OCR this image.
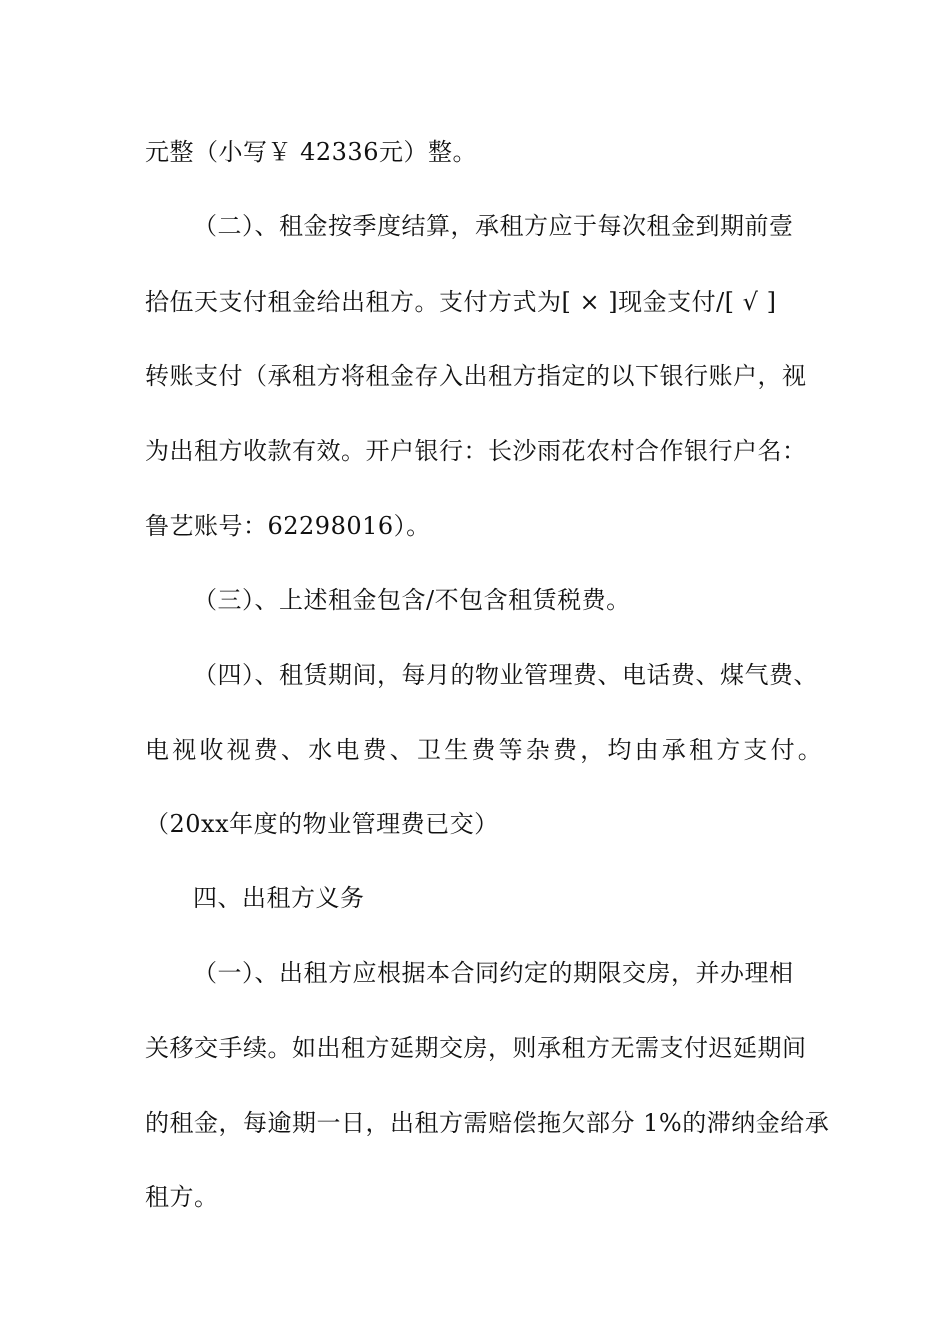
元整（小写￥ 42336元）整。
（二）、租金按季度结算，承租方应于每次租金到期前壹
拾伍天支付租金给出租方。支付方式为[ × ]现金支付/[ √ ]
转账支付（承租方将租金存入出租方指定的以下银行账户，视
为出租方收款有效。开户银行：长沙雨花农村合作银行户名：
鲁艺账号：62298016）。
（三）、上述租金包含/不包含租赁税费。
（四）、租赁期间，每月的物业管理费、电话费、煤气费、
电视收视费、水电费、卫生费等杂费，均由承租方支付。
（20xx年度的物业管理费已交）
四、出租方义务
（一）、出租方应根据本合同约定的期限交房，并办理相
关移交手续。如出租方延期交房，则承租方无需支付迟延期间
的租金，每逾期一日，出租方需赔偿拖欠部分 1%的滞纳金给承
租方。
